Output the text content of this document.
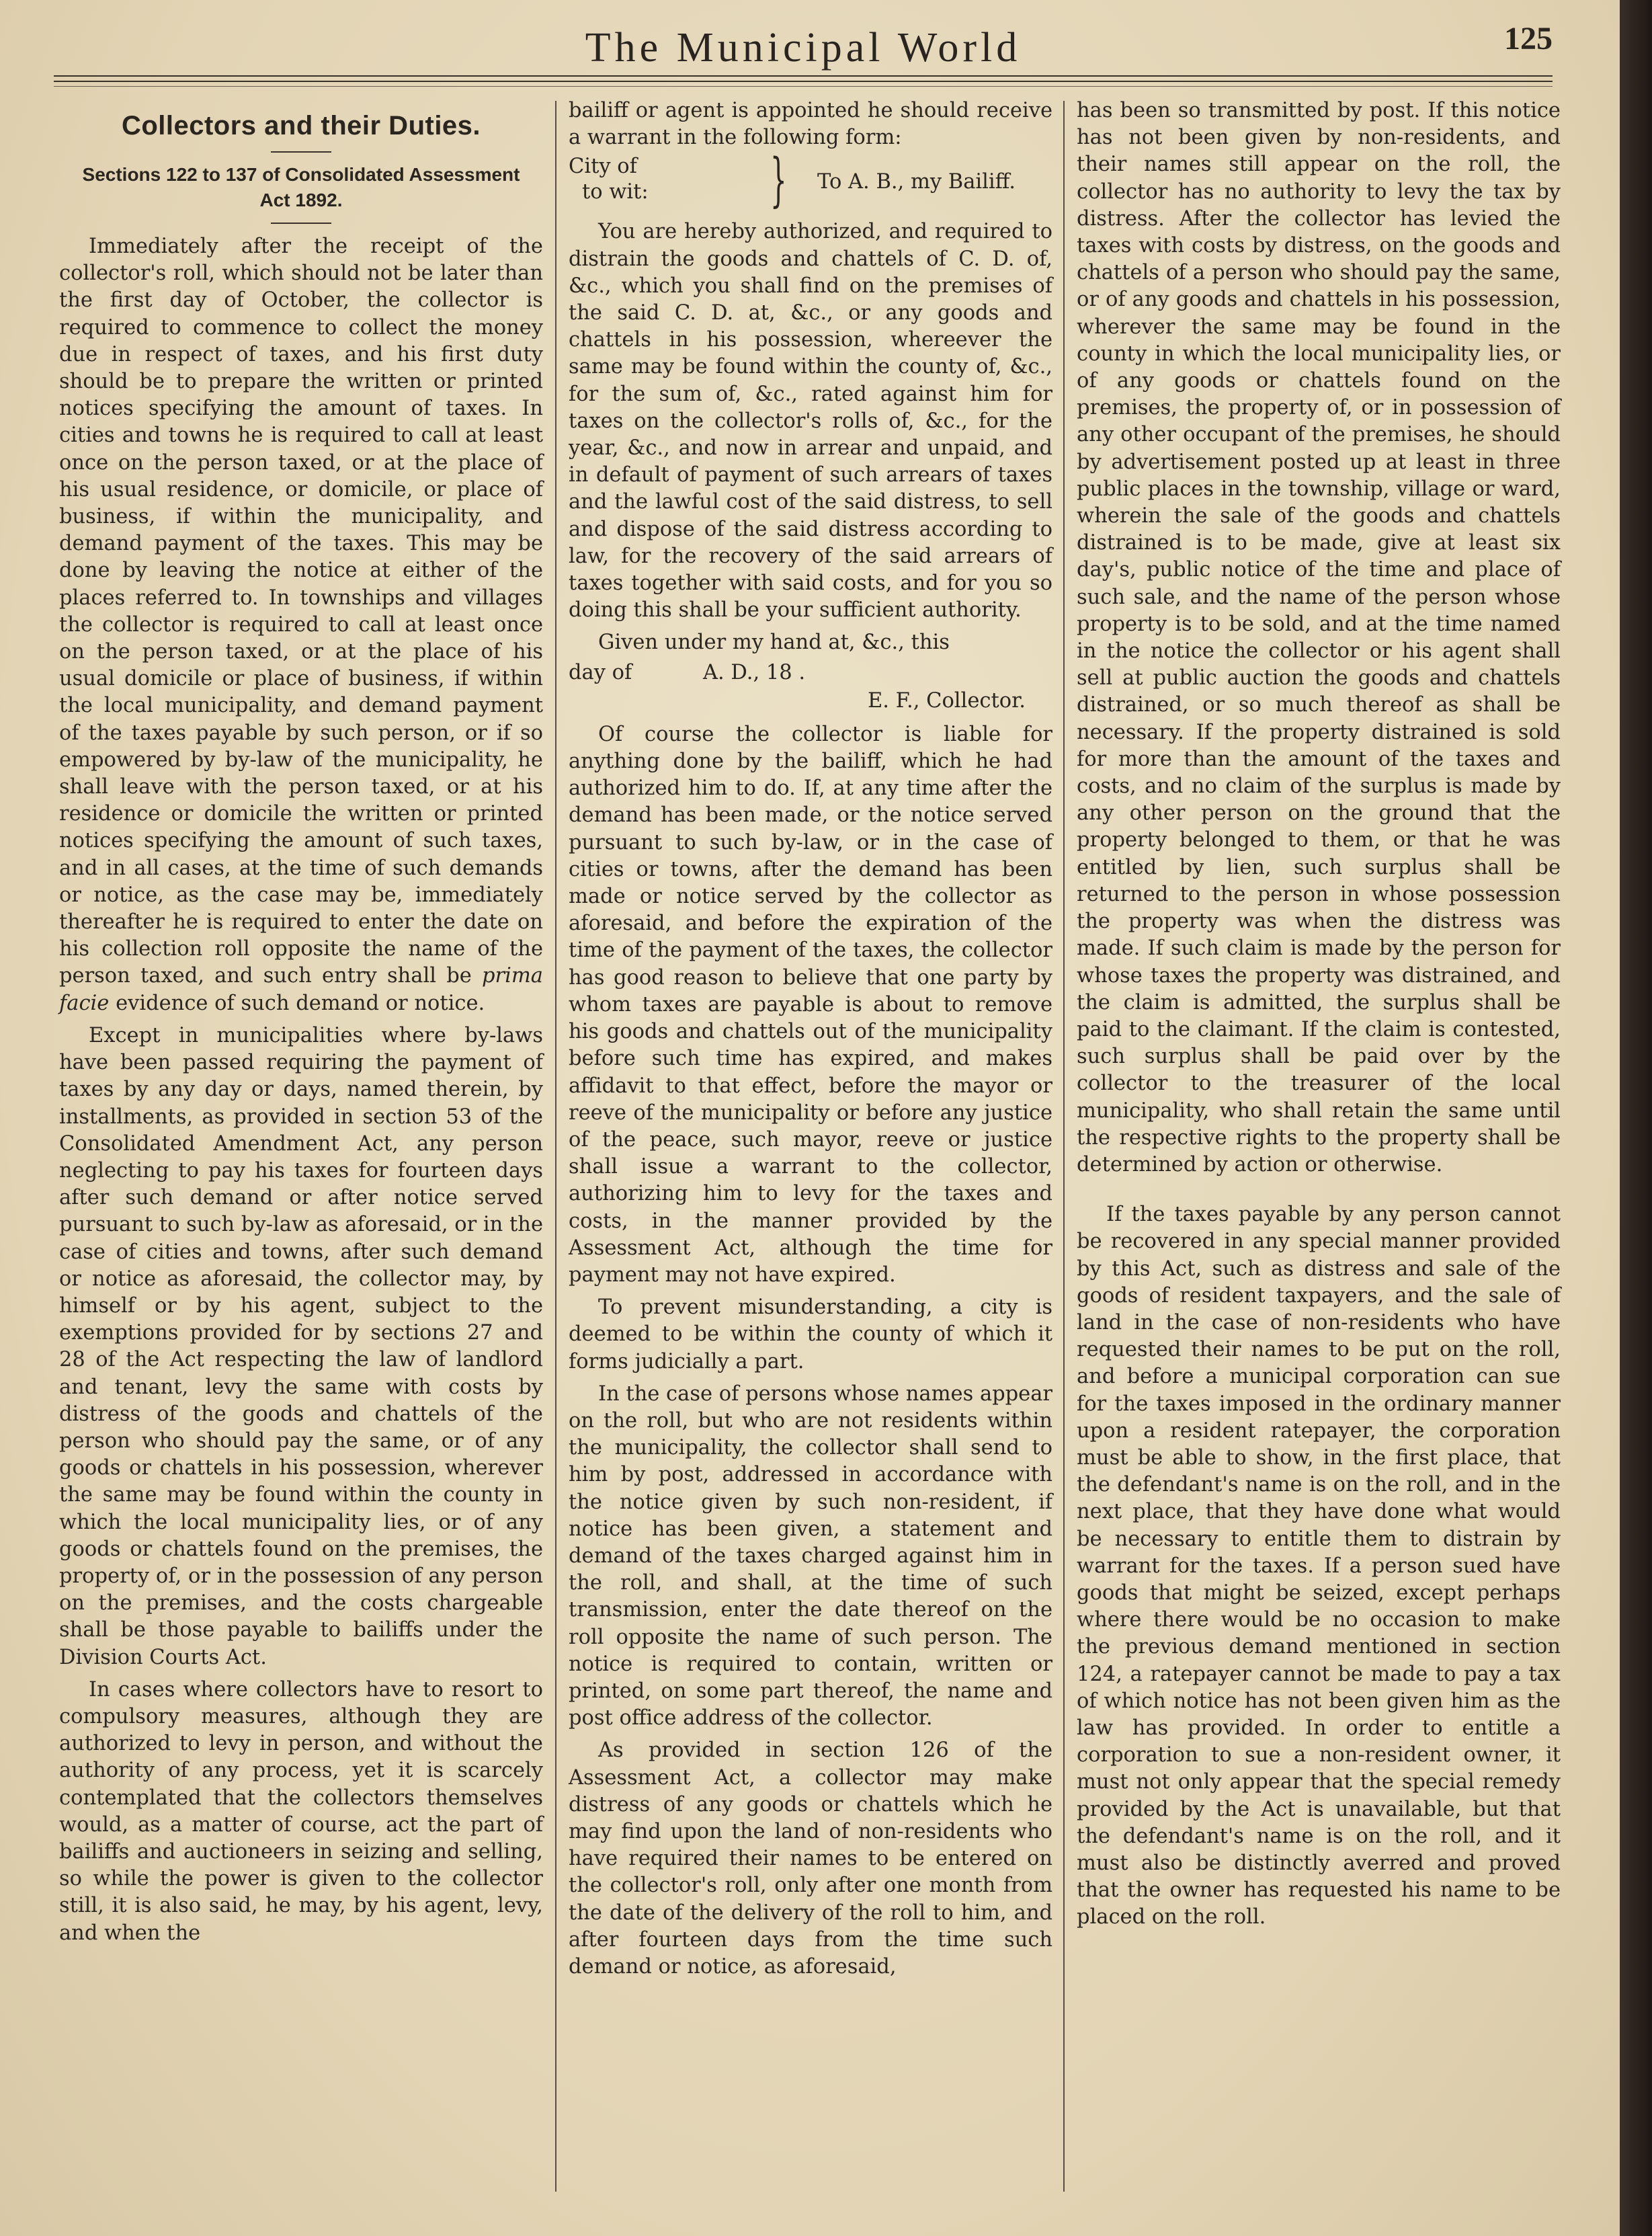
The Municipal World	125
Collectors and their Duties.
Sections 122 to 137 of Consolidated Assessment Act 1892.

Immediately after the receipt of the collector's roll, which should not be later than the first day of October, the collector is required to commence to collect the money due in respect of taxes, and his first duty should be to prepare the written or printed notices specifying the amount of taxes. In cities and towns he is required to call at least once on the person taxed, or at the place of his usual residence, or domicile, or place of business, if within the municipality, and demand payment of the taxes. This may be done by leaving the notice at either of the places referred to. In townships and villages the collector is required to call at least once on the person taxed, or at the place of his usual domicile or place of business, if within the local municipality, and demand payment of the taxes payable by such person, or if so empowered by by-law of the municipality, he shall leave with the person taxed, or at his residence or domicile the written or printed notices specifying the amount of such taxes, and in all cases, at the time of such demands or notice, as the case may be, immediately thereafter he is required to enter the date on his collection roll opposite the name of the person taxed, and such entry shall be prima facie evidence of such demand or notice.

Except in municipalities where by-laws have been passed requiring the payment of taxes by any day or days, named therein, by installments, as provided in section 53 of the Consolidated Amendment Act, any person neglecting to pay his taxes for fourteen days after such demand or after notice served pursuant to such by-law as aforesaid, or in the case of cities and towns, after such demand or notice as aforesaid, the collector may, by himself or by his agent, subject to the exemptions provided for by sections 27 and 28 of the Act respecting the law of landlord and tenant, levy the same with costs by distress of the goods and chattels of the person who should pay the same, or of any goods or chattels in his possession, wherever the same may be found within the county in which the local municipality lies, or of any goods or chattels found on the premises, the property of, or in the possession of any person on the premises, and the costs chargeable shall be those payable to bailiffs under the Division Courts Act.

In cases where collectors have to resort to compulsory measures, although they are authorized to levy in person, and without the authority of any process, yet it is scarcely contemplated that the collectors themselves would, as a matter of course, act the part of bailiffs and auctioneers in seizing and selling, so while the power is given to the collector still, it is also said, he may, by his agent, levy, and when the

bailiff or agent is appointed he should receive a warrant in the following form:

City of
to wit: } To A. B., my Bailiff.

You are hereby authorized, and required to distrain the goods and chattels of C. D. of, &c., which you shall find on the premises of the said C. D. at, &c., or any goods and chattels in his possession, whereever the same may be found within the county of, &c., for the sum of, &c., rated against him for taxes on the collector's rolls of, &c., for the year, &c., and now in arrear and unpaid, and in default of payment of such arrears of taxes and the lawful cost of the said distress, to sell and dispose of the said distress according to law, for the recovery of the said arrears of taxes together with said costs, and for you so doing this shall be your sufficient authority.

Given under my hand at, &c., this

day of	A. D., 18 .
E. F., Collector.

Of course the collector is liable for anything done by the bailiff, which he had authorized him to do. If, at any time after the demand has been made, or the notice served pursuant to such by-law, or in the case of cities or towns, after the demand has been made or notice served by the collector as aforesaid, and before the expiration of the time of the payment of the taxes, the collector has good reason to believe that one party by whom taxes are payable is about to remove his goods and chattels out of the municipality before such time has expired, and makes affidavit to that effect, before the mayor or reeve of the municipality or before any justice of the peace, such mayor, reeve or justice shall issue a warrant to the collector, authorizing him to levy for the taxes and costs, in the manner provided by the Assessment Act, although the time for payment may not have expired.

To prevent misunderstanding, a city is deemed to be within the county of which it forms judicially a part.

In the case of persons whose names appear on the roll, but who are not residents within the municipality, the collector shall send to him by post, addressed in accordance with the notice given by such non-resident, if notice has been given, a statement and demand of the taxes charged against him in the roll, and shall, at the time of such transmission, enter the date thereof on the roll opposite the name of such person. The notice is required to contain, written or printed, on some part thereof, the name and post office address of the collector.

As provided in section 126 of the Assessment Act, a collector may make distress of any goods or chattels which he may find upon the land of non-residents who have required their names to be entered on the collector's roll, only after one month from the date of the delivery of the roll to him, and after fourteen days from the time such demand or notice, as aforesaid,

has been so transmitted by post. If this notice has not been given by non-residents, and their names still appear on the roll, the collector has no authority to levy the tax by distress. After the collector has levied the taxes with costs by distress, on the goods and chattels of a person who should pay the same, or of any goods and chattels in his possession, wherever the same may be found in the county in which the local municipality lies, or of any goods or chattels found on the premises, the property of, or in possession of any other occupant of the premises, he should by advertisement posted up at least in three public places in the township, village or ward, wherein the sale of the goods and chattels distrained is to be made, give at least six day's, public notice of the time and place of such sale, and the name of the person whose property is to be sold, and at the time named in the notice the collector or his agent shall sell at public auction the goods and chattels distrained, or so much thereof as shall be necessary. If the property distrained is sold for more than the amount of the taxes and costs, and no claim of the surplus is made by any other person on the ground that the property belonged to them, or that he was entitled by lien, such surplus shall be returned to the person in whose possession the property was when the distress was made. If such claim is made by the person for whose taxes the property was distrained, and the claim is admitted, the surplus shall be paid to the claimant. If the claim is contested, such surplus shall be paid over by the collector to the treasurer of the local municipality, who shall retain the same until the respective rights to the property shall be determined by action or otherwise.

If the taxes payable by any person cannot be recovered in any special manner provided by this Act, such as distress and sale of the goods of resident taxpayers, and the sale of land in the case of non-residents who have requested their names to be put on the roll, and before a municipal corporation can sue for the taxes imposed in the ordinary manner upon a resident ratepayer, the corporation must be able to show, in the first place, that the defendant's name is on the roll, and in the next place, that they have done what would be necessary to entitle them to distrain by warrant for the taxes. If a person sued have goods that might be seized, except perhaps where there would be no occasion to make the previous demand mentioned in section 124, a ratepayer cannot be made to pay a tax of which notice has not been given him as the law has provided. In order to entitle a corporation to sue a non-resident owner, it must not only appear that the special remedy provided by the Act is unavailable, but that the defendant's name is on the roll, and it must also be distinctly averred and proved that the owner has requested his name to be placed on the roll.
